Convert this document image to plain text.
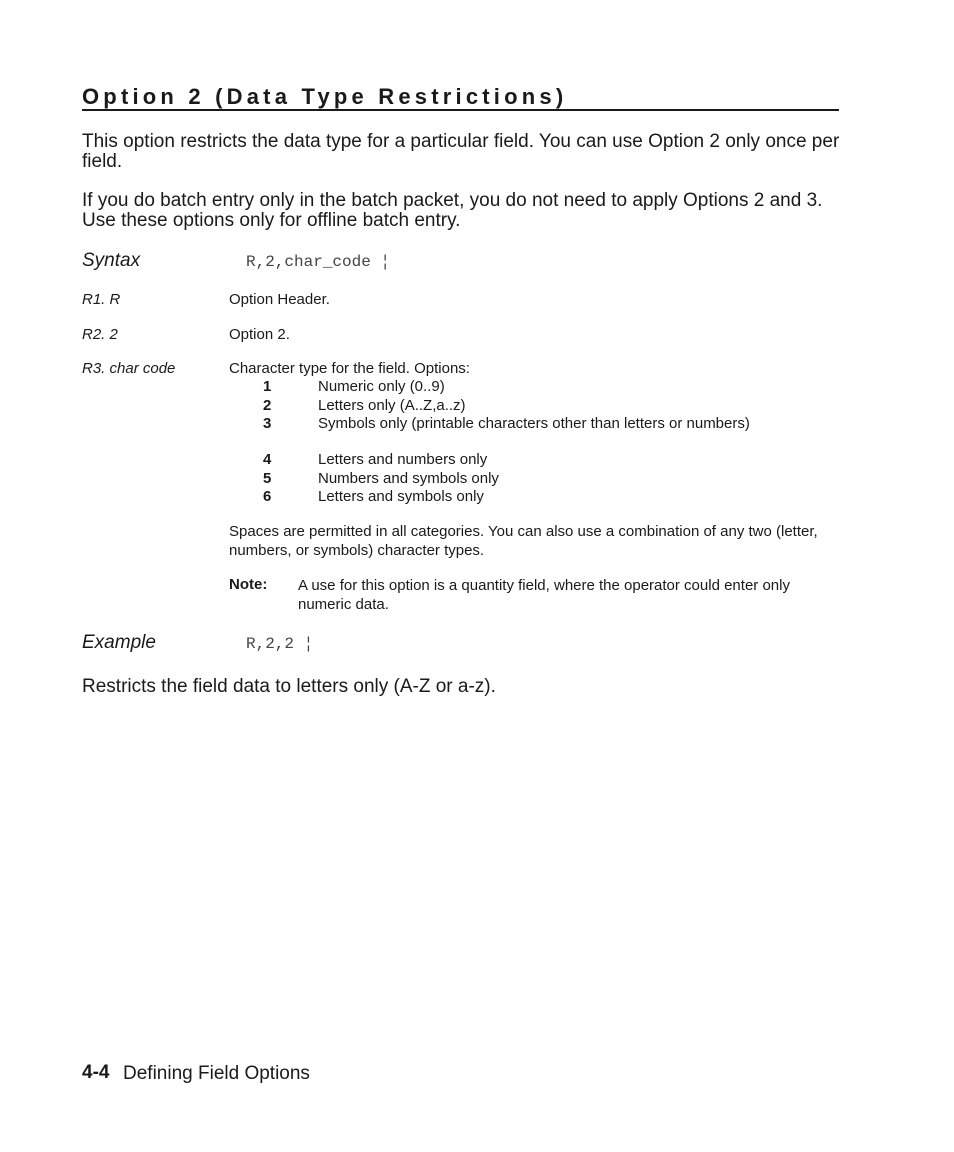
Option 2 (Data Type Restrictions)
This option restricts the data type for a particular field. You can use Option 2 only once per field.
If you do batch entry only in the batch packet, you do not need to apply Options 2 and 3. Use these options only for offline batch entry.
Syntax	R,2,char_code ¦
R1. R	Option Header.
R2. 2	Option 2.
R3. char code	Character type for the field. Options:
1	Numeric only (0..9)
2	Letters only (A..Z,a..z)
3	Symbols only (printable characters other than letters or numbers)
4	Letters and numbers only
5	Numbers and symbols only
6	Letters and symbols only
Spaces are permitted in all categories. You can also use a combination of any two (letter, numbers, or symbols) character types.
Note: A use for this option is a quantity field, where the operator could enter only numeric data.
Example	R,2,2 ¦
Restricts the field data to letters only (A-Z or a-z).
4-4 Defining Field Options
